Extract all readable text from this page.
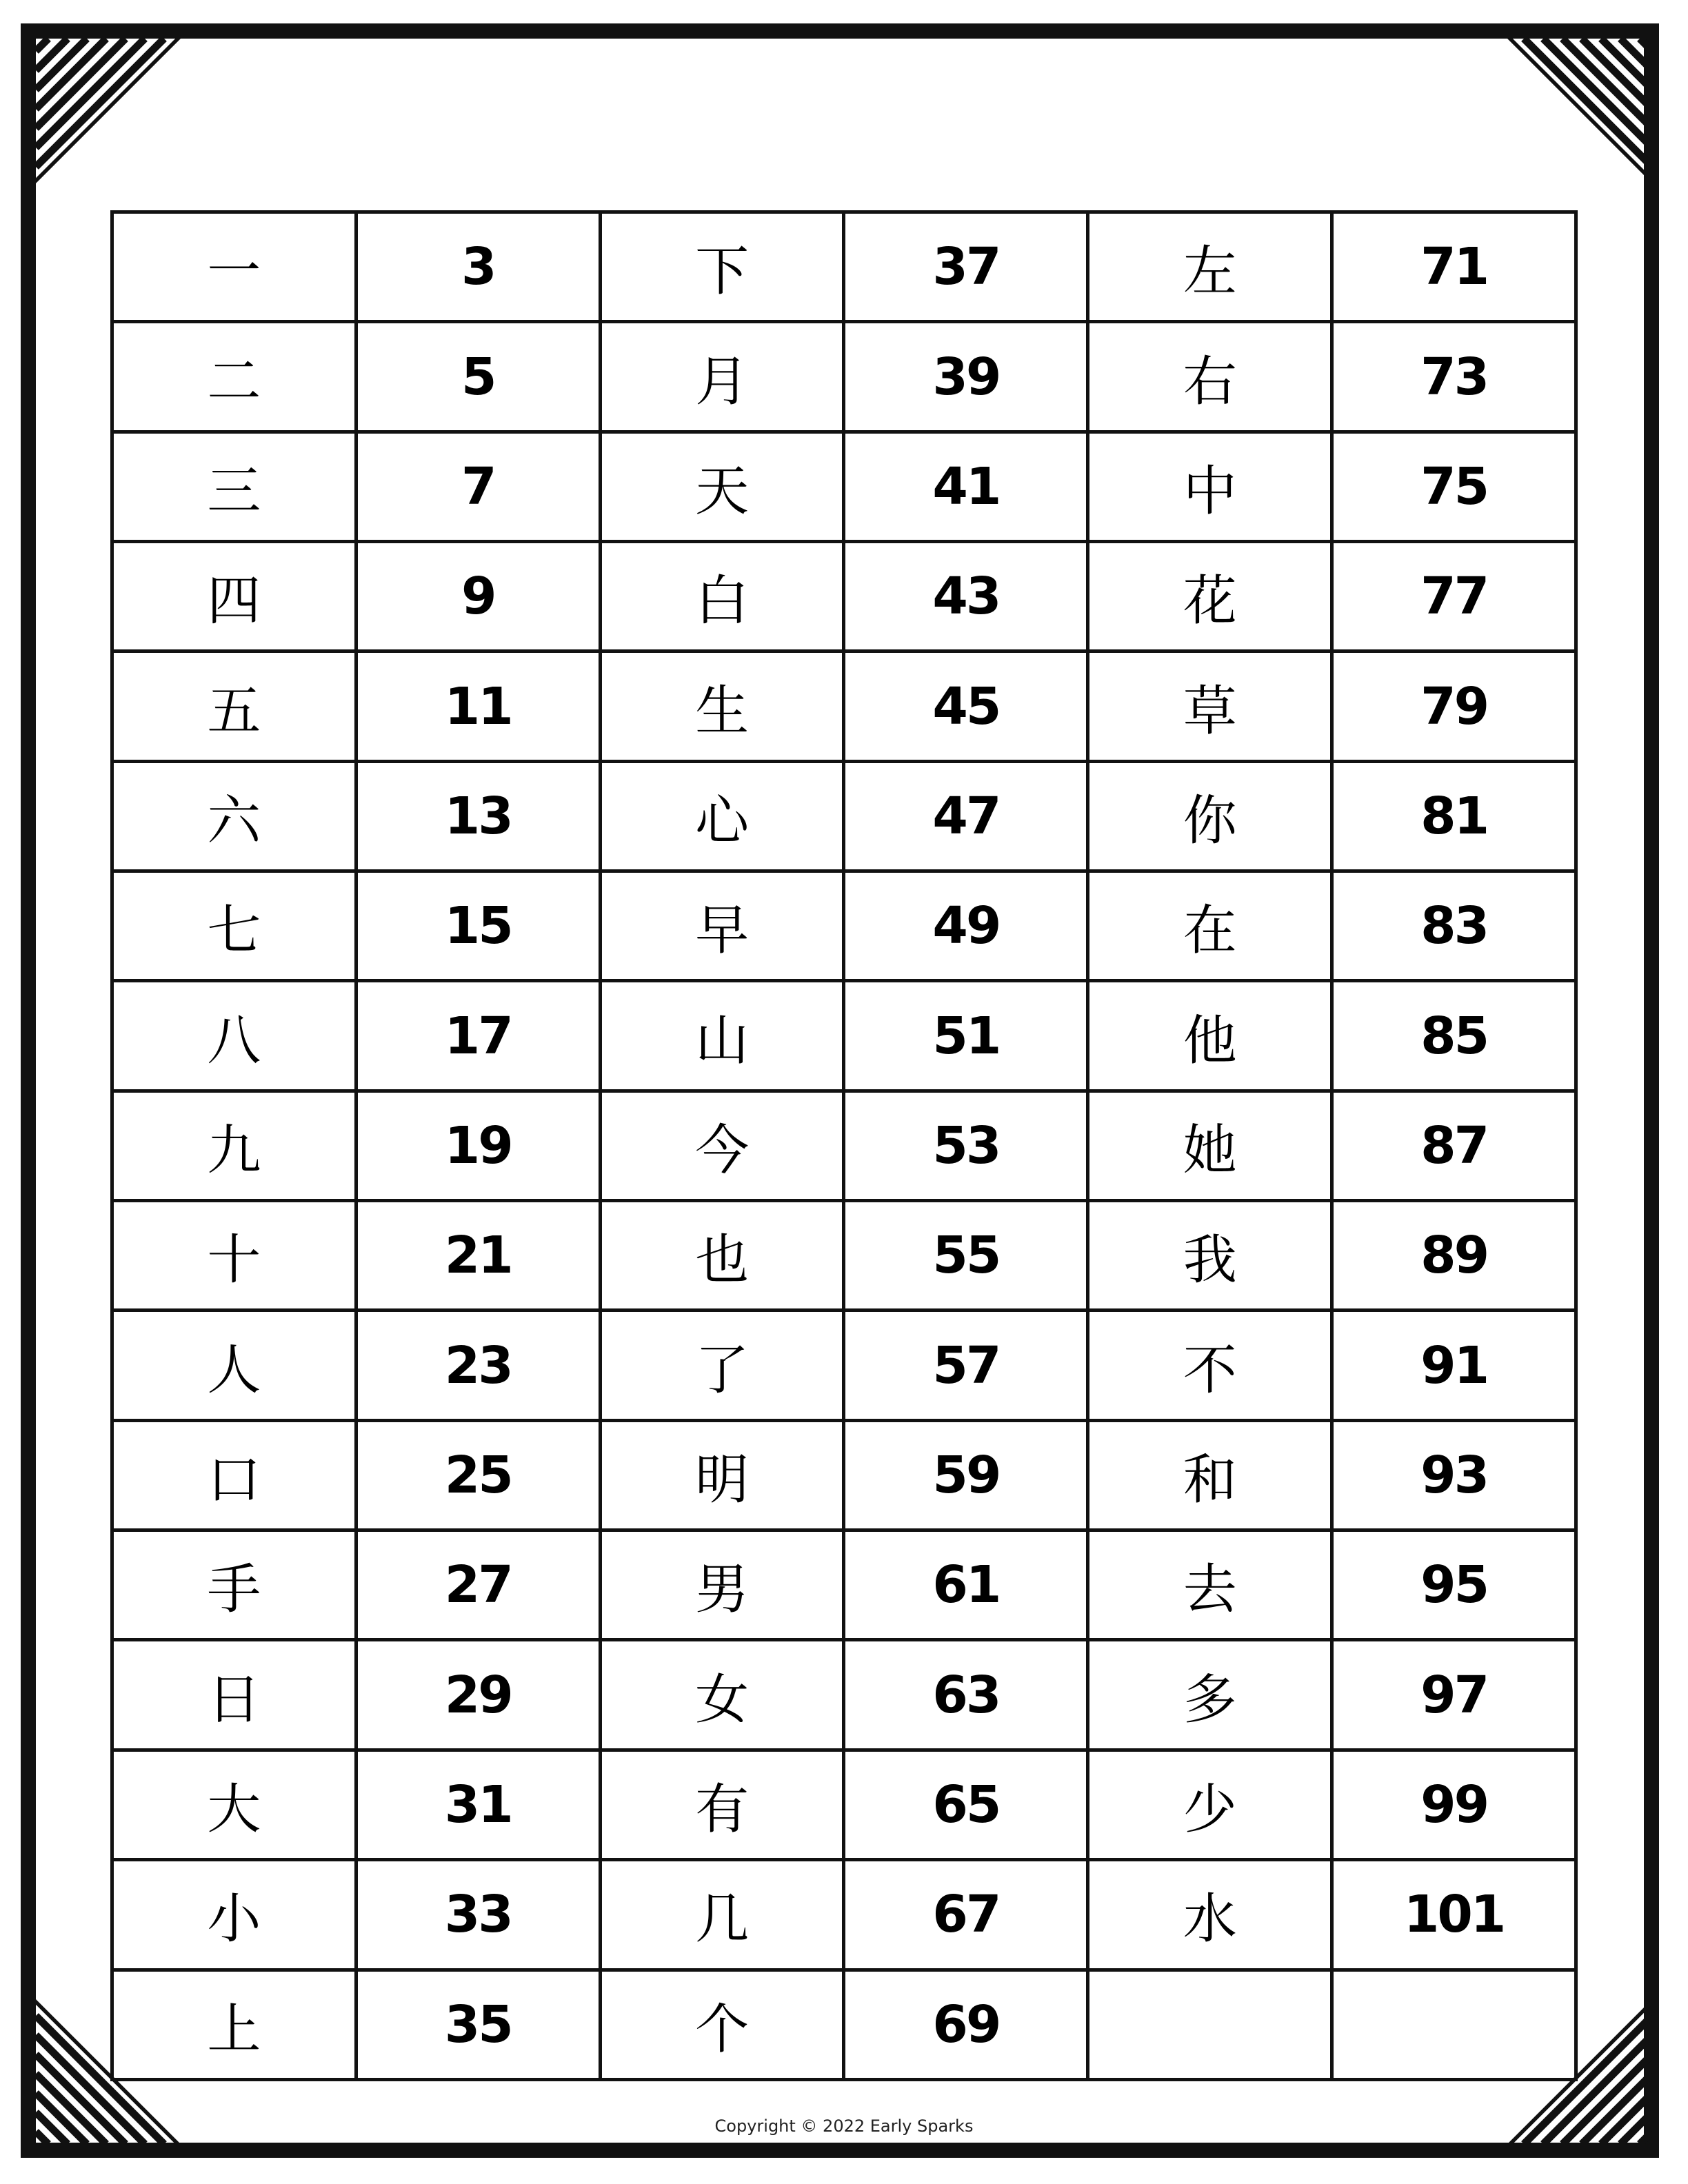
一	3	下	37	左	71
二	5	月	39	右	73
三	7	天	41	中	75
四	9	白	43	花	77
五	11	生	45	草	79
六	13	心	47	你	81
七	15	早	49	在	83
八	17	山	51	他	85
九	19	今	53	她	87
十	21	也	55	我	89
人	23	了	57	不	91
口	25	明	59	和	93
手	27	男	61	去	95
日	29	女	63	多	97
大	31	有	65	少	99
小	33	几	67	水	101
上	35	个	69		
Copyright © 2022 Early Sparks
